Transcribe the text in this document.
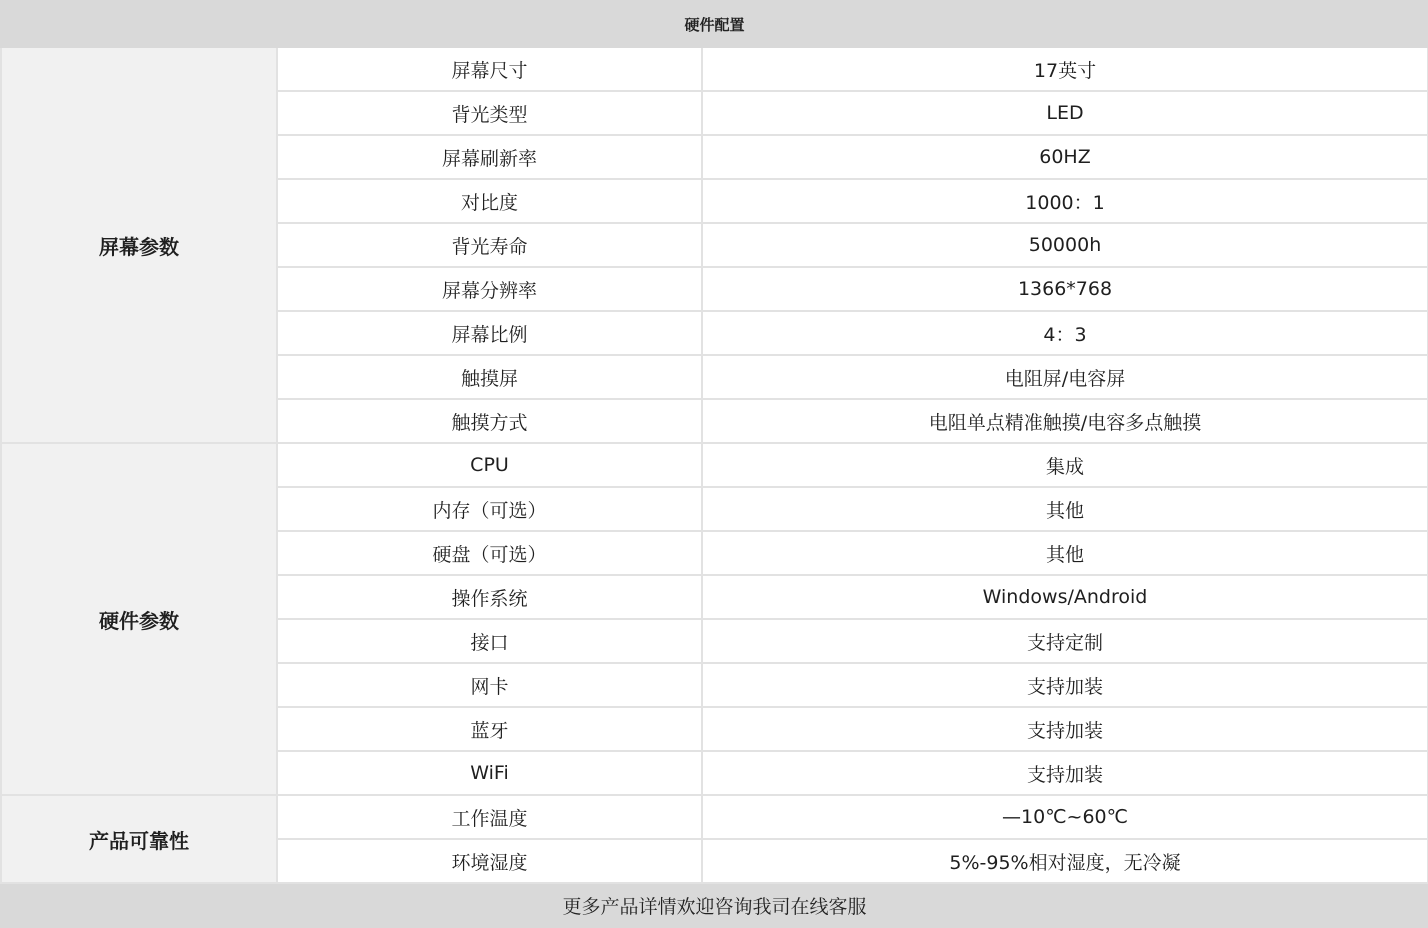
硬件配置		
屏幕参数	屏幕尺寸	17英寸
	背光类型	LED
	屏幕刷新率	60HZ
	对比度	1000：1
	背光寿命	50000h
	屏幕分辨率	1366*768
	屏幕比例	4：3
	触摸屏	电阻屏/电容屏
	触摸方式	电阻单点精准触摸/电容多点触摸
硬件参数	CPU	集成
	内存（可选）	其他
	硬盘（可选）	其他
	操作系统	Windows/Android
	接口	支持定制
	网卡	支持加装
	蓝牙	支持加装
	WiFi	支持加装
产品可靠性	工作温度	—10℃~60℃
	环境湿度	5%-95%相对湿度，无冷凝
更多产品详情欢迎咨询我司在线客服		
